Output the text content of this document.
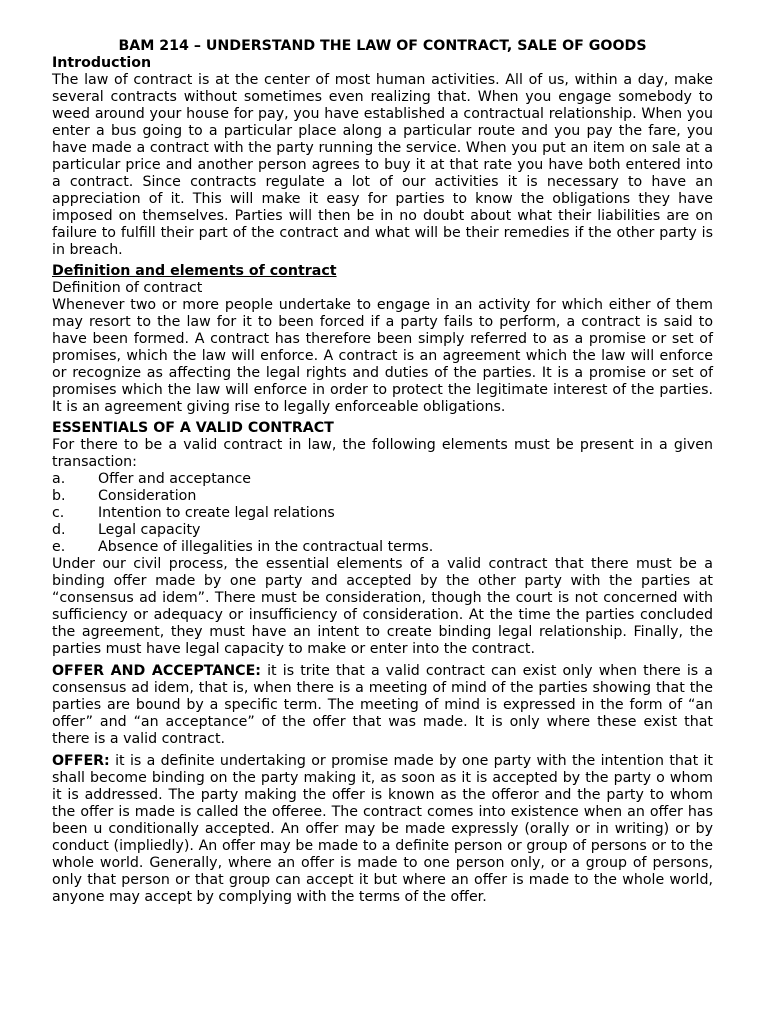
BAM 214 – UNDERSTAND THE LAW OF CONTRACT, SALE OF GOODS

Introduction

The law of contract is at the center of most human activities. All of us, within a day, make several contracts without sometimes even realizing that. When you engage somebody to weed around your house for pay, you have established a contractual relationship. When you enter a bus going to a particular place along a particular route and you pay the fare, you have made a contract with the party running the service. When you put an item on sale at a particular price and another person agrees to buy it at that rate you have both entered into a contract. Since contracts regulate a lot of our activities it is necessary to have an appreciation of it. This will make it easy for parties to know the obligations they have imposed on themselves. Parties will then be in no doubt about what their liabilities are on failure to fulfill their part of the contract and what will be their remedies if the other party is in breach.

Definition and elements of contract

Definition of contract

Whenever two or more people undertake to engage in an activity for which either of them may resort to the law for it to been forced if a party fails to perform, a contract is said to have been formed. A contract has therefore been simply referred to as a promise or set of promises, which the law will enforce. A contract is an agreement which the law will enforce or recognize as affecting the legal rights and duties of the parties. It is a promise or set of promises which the law will enforce in order to protect the legitimate interest of the parties. It is an agreement giving rise to legally enforceable obligations.

ESSENTIALS OF A VALID CONTRACT

For there to be a valid contract in law, the following elements must be present in a given transaction:

a.	Offer and acceptance
b.	Consideration
c.	Intention to create legal relations
d.	Legal capacity
e.	Absence of illegalities in the contractual terms.

Under our civil process, the essential elements of a valid contract that there must be a binding offer made by one party and accepted by the other party with the parties at “consensus ad idem”. There must be consideration, though the court is not concerned with sufficiency or adequacy or insufficiency of consideration. At the time the parties concluded the agreement, they must have an intent to create binding legal relationship. Finally, the parties must have legal capacity to make or enter into the contract.

OFFER AND ACCEPTANCE: it is trite that a valid contract can exist only when there is a consensus ad idem, that is, when there is a meeting of mind of the parties showing that the parties are bound by a specific term. The meeting of mind is expressed in the form of “an offer” and “an acceptance” of the offer that was made. It is only where these exist that there is a valid contract.

OFFER: it is a definite undertaking or promise made by one party with the intention that it shall become binding on the party making it, as soon as it is accepted by the party o whom it is addressed. The party making the offer is known as the offeror and the party to whom the offer is made is called the offeree. The contract comes into existence when an offer has been u conditionally accepted. An offer may be made expressly (orally or in writing) or by conduct (impliedly). An offer may be made to a definite person or group of persons or to the whole world. Generally, where an offer is made to one person only, or a group of persons, only that person or that group can accept it but where an offer is made to the whole world, anyone may accept by complying with the terms of the offer.
